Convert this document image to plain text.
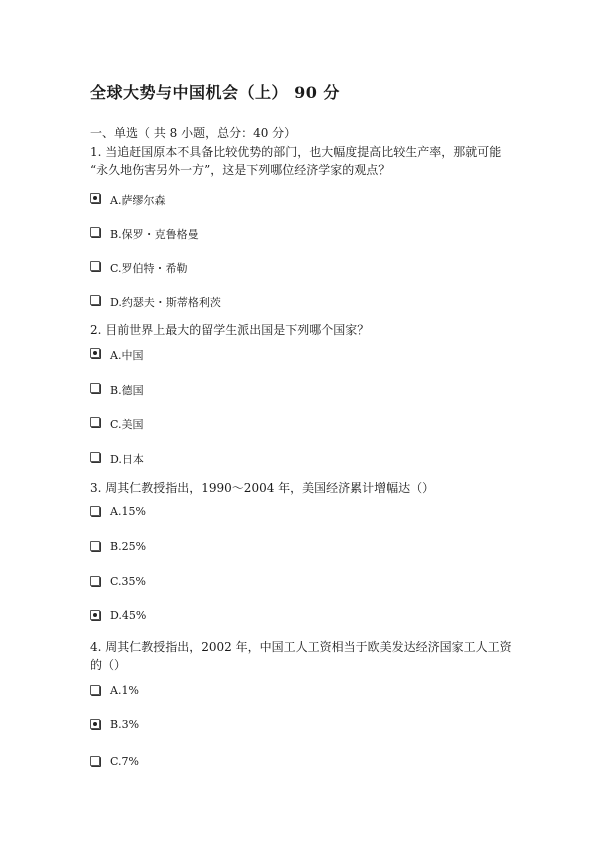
全球大势与中国机会（上） 90 分
一、单选（ 共 8 小题，总分：40 分）
1. 当追赶国原本不具备比较优势的部门，也大幅度提高比较生产率，那就可能
“永久地伤害另外一方”，这是下列哪位经济学家的观点？
A.萨缪尔森
B.保罗・克鲁格曼
C.罗伯特・希勒
D.约瑟夫・斯蒂格利茨
2. 目前世界上最大的留学生派出国是下列哪个国家？
A.中国
B.德国
C.美国
D.日本
3. 周其仁教授指出，1990～2004 年，美国经济累计增幅达（）
A.15%
B.25%
C.35%
D.45%
4. 周其仁教授指出，2002 年，中国工人工资相当于欧美发达经济国家工人工资
的（）
A.1%
B.3%
C.7%
